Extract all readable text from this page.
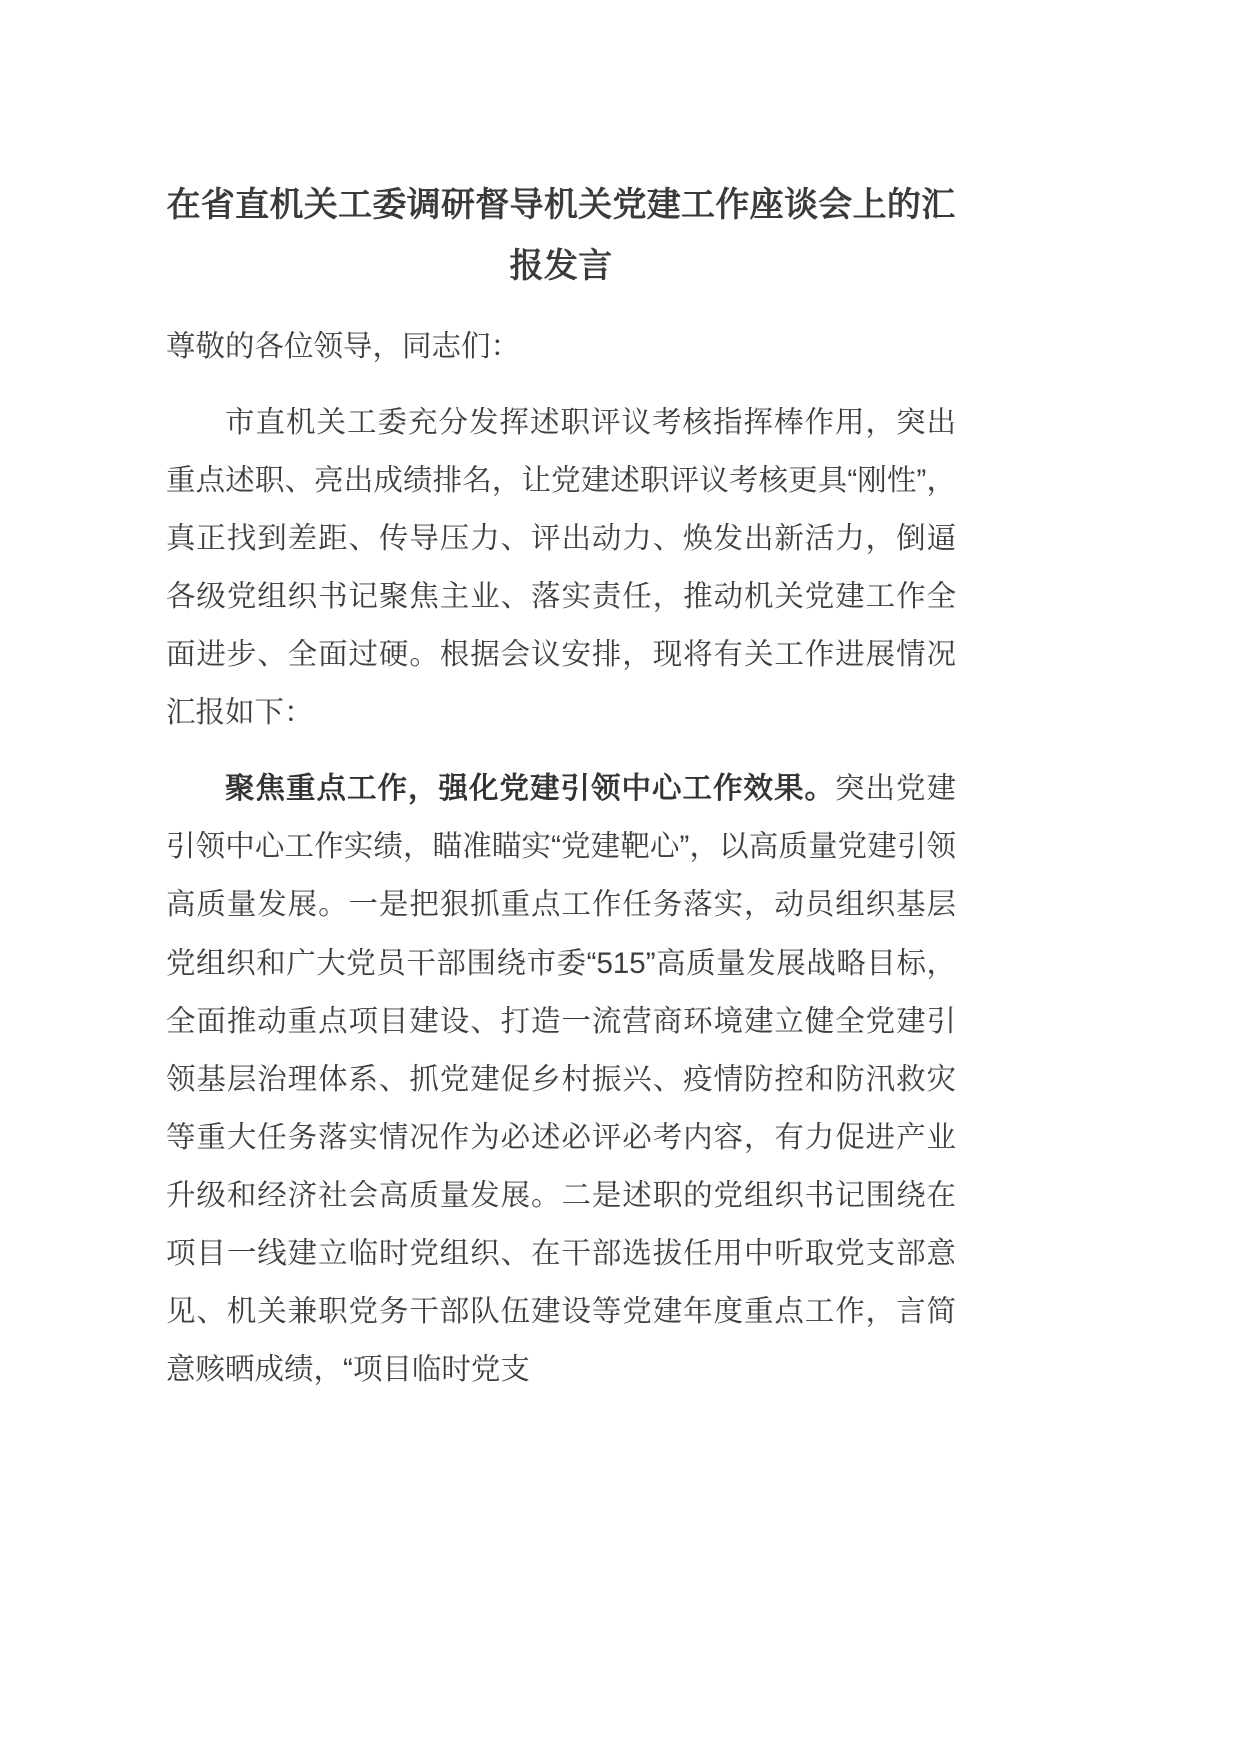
在省直机关工委调研督导机关党建工作座谈会上的汇报发言

尊敬的各位领导，同志们：

市直机关工委充分发挥述职评议考核指挥棒作用，突出重点述职、亮出成绩排名，让党建述职评议考核更具“刚性”，真正找到差距、传导压力、评出动力、焕发出新活力，倒逼各级党组织书记聚焦主业、落实责任，推动机关党建工作全面进步、全面过硬。根据会议安排，现将有关工作进展情况汇报如下：

聚焦重点工作，强化党建引领中心工作效果。突出党建引领中心工作实绩，瞄准瞄实“党建靶心”，以高质量党建引领高质量发展。一是把狠抓重点工作任务落实，动员组织基层党组织和广大党员干部围绕市委“515”高质量发展战略目标，全面推动重点项目建设、打造一流营商环境建立健全党建引领基层治理体系、抓党建促乡村振兴、疫情防控和防汛救灾等重大任务落实情况作为必述必评必考内容，有力促进产业升级和经济社会高质量发展。二是述职的党组织书记围绕在项目一线建立临时党组织、在干部选拔任用中听取党支部意见、机关兼职党务干部队伍建设等党建年度重点工作，言简意赅晒成绩，“项目临时党支
